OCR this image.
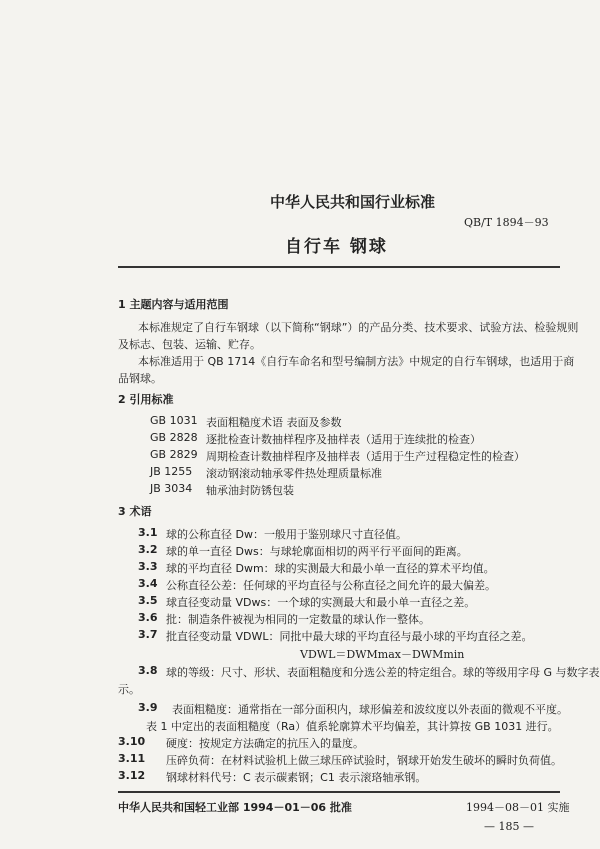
中华人民共和国行业标准
QB/T 1894－93
自行车 钢球
1 主题内容与适用范围
本标准规定了自行车钢球（以下简称“钢球”）的产品分类、技术要求、试验方法、检验规则
及标志、包装、运输、贮存。
本标准适用于 QB 1714《自行车命名和型号编制方法》中规定的自行车钢球，也适用于商
品钢球。
2 引用标准
GB 1031 表面粗糙度术语 表面及参数
GB 2828 逐批检查计数抽样程序及抽样表（适用于连续批的检查）
GB 2829 周期检查计数抽样程序及抽样表（适用于生产过程稳定性的检查）
JB 1255 滚动钢滚动轴承零件热处理质量标准
JB 3034 轴承油封防锈包装
3 术语
3.1 球的公称直径 Dw：一般用于鉴别球尺寸直径值。
3.2 球的单一直径 Dws：与球轮廓面相切的两平行平面间的距离。
3.3 球的平均直径 Dwm：球的实测最大和最小单一直径的算术平均值。
3.4 公称直径公差：任何球的平均直径与公称直径之间允许的最大偏差。
3.5 球直径变动量 VDws：一个球的实测最大和最小单一直径之差。
3.6 批：制造条件被视为相同的一定数量的球认作一整体。
3.7 批直径变动量 VDWL：同批中最大球的平均直径与最小球的平均直径之差。
VDWL＝DWMmax－DWMmin
3.8 球的等级：尺寸、形状、表面粗糙度和分选公差的特定组合。球的等级用字母 G 与数字表
示。
3.9 表面粗糙度：通常指在一部分面积内，球形偏差和波纹度以外表面的微观不平度。
表 1 中定出的表面粗糙度（Ra）值系轮廓算术平均偏差，其计算按 GB 1031 进行。
3.10 硬度：按规定方法确定的抗压入的量度。
3.11 压碎负荷：在材料试验机上做三球压碎试验时，钢球开始发生破坏的瞬时负荷值。
3.12 钢球材料代号：C 表示碳素钢；C1 表示滚珞轴承钢。
中华人民共和国轻工业部 1994－01－06 批准	1994－08－01 实施
— 185 —
